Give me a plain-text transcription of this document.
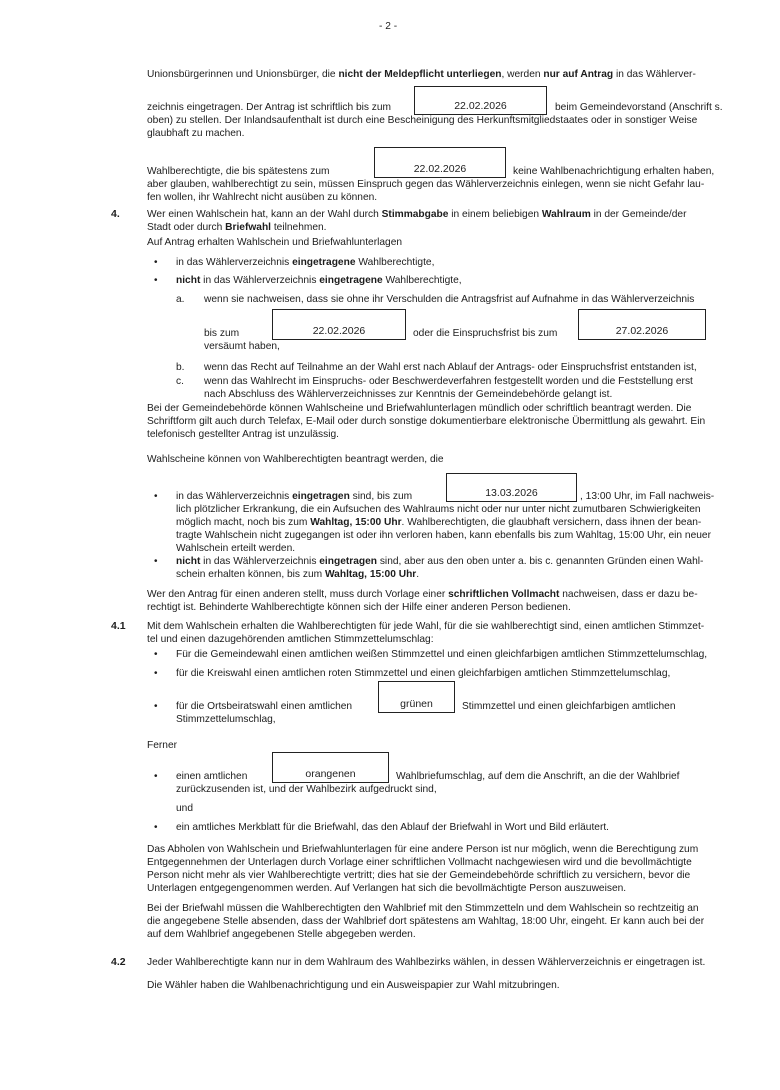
- 2 -
Unionsbürgerinnen und Unionsbürger, die nicht der Meldepflicht unterliegen, werden nur auf Antrag in das Wählerver-
zeichnis eingetragen. Der Antrag ist schriftlich bis zum	22.02.2026	beim Gemeindevorstand (Anschrift s.
oben) zu stellen. Der Inlandsaufenthalt ist durch eine Bescheinigung des Herkunftsmitgliedstaates oder in sonstiger Weise
glaubhaft zu machen.
Wahlberechtigte, die bis spätestens zum	22.02.2026	keine Wahlbenachrichtigung erhalten haben,
aber glauben, wahlberechtigt zu sein, müssen Einspruch gegen das Wählerverzeichnis einlegen, wenn sie nicht Gefahr lau-
fen wollen, ihr Wahlrecht nicht ausüben zu können.
4.	Wer einen Wahlschein hat, kann an der Wahl durch Stimmabgabe in einem beliebigen Wahlraum in der Gemeinde/der
Stadt oder durch Briefwahl teilnehmen.
Auf Antrag erhalten Wahlschein und Briefwahlunterlagen
• in das Wählerverzeichnis eingetragene Wahlberechtigte,
• nicht in das Wählerverzeichnis eingetragene Wahlberechtigte,
a. wenn sie nachweisen, dass sie ohne ihr Verschulden die Antragsfrist auf Aufnahme in das Wählerverzeichnis
bis zum	22.02.2026	oder die Einspruchsfrist bis zum	27.02.2026
versäumt haben,
b. wenn das Recht auf Teilnahme an der Wahl erst nach Ablauf der Antrags- oder Einspruchsfrist entstanden ist,
c. wenn das Wahlrecht im Einspruchs- oder Beschwerdeverfahren festgestellt worden und die Feststellung erst
nach Abschluss des Wählerverzeichnisses zur Kenntnis der Gemeindebehörde gelangt ist.
Bei der Gemeindebehörde können Wahlscheine und Briefwahlunterlagen mündlich oder schriftlich beantragt werden. Die
Schriftform gilt auch durch Telefax, E-Mail oder durch sonstige dokumentierbare elektronische Übermittlung als gewahrt. Ein
telefonisch gestellter Antrag ist unzulässig.
Wahlscheine können von Wahlberechtigten beantragt werden, die
• in das Wählerverzeichnis eingetragen sind, bis zum	13.03.2026	, 13:00 Uhr, im Fall nachweis-
lich plötzlicher Erkrankung, die ein Aufsuchen des Wahlraums nicht oder nur unter nicht zumutbaren Schwierigkeiten
möglich macht, noch bis zum Wahltag, 15:00 Uhr. Wahlberechtigten, die glaubhaft versichern, dass ihnen der bean-
tragte Wahlschein nicht zugegangen ist oder ihn verloren haben, kann ebenfalls bis zum Wahltag, 15:00 Uhr, ein neuer
Wahlschein erteilt werden.
• nicht in das Wählerverzeichnis eingetragen sind, aber aus den oben unter a. bis c. genannten Gründen einen Wahl-
schein erhalten können, bis zum Wahltag, 15:00 Uhr.
Wer den Antrag für einen anderen stellt, muss durch Vorlage einer schriftlichen Vollmacht nachweisen, dass er dazu be-
rechtigt ist. Behinderte Wahlberechtigte können sich der Hilfe einer anderen Person bedienen.
4.1 Mit dem Wahlschein erhalten die Wahlberechtigten für jede Wahl, für die sie wahlberechtigt sind, einen amtlichen Stimmzet-
tel und einen dazugehörenden amtlichen Stimmzettelumschlag:
• Für die Gemeindewahl einen amtlichen weißen Stimmzettel und einen gleichfarbigen amtlichen Stimmzettelumschlag,
• für die Kreiswahl einen amtlichen roten Stimmzettel und einen gleichfarbigen amtlichen Stimmzettelumschlag,
• für die Ortsbeiratswahl einen amtlichen	grünen	Stimmzettel und einen gleichfarbigen amtlichen
Stimmzettelumschlag,
Ferner
• einen amtlichen	orangenen	Wahlbriefumschlag, auf dem die Anschrift, an die der Wahlbrief
zurückzusenden ist, und der Wahlbezirk aufgedruckt sind,
und
• ein amtliches Merkblatt für die Briefwahl, das den Ablauf der Briefwahl in Wort und Bild erläutert.
Das Abholen von Wahlschein und Briefwahlunterlagen für eine andere Person ist nur möglich, wenn die Berechtigung zum
Entgegennehmen der Unterlagen durch Vorlage einer schriftlichen Vollmacht nachgewiesen wird und die bevollmächtigte
Person nicht mehr als vier Wahlberechtigte vertritt; dies hat sie der Gemeindebehörde schriftlich zu versichern, bevor die
Unterlagen entgegengenommen werden. Auf Verlangen hat sich die bevollmächtigte Person auszuweisen.
Bei der Briefwahl müssen die Wahlberechtigten den Wahlbrief mit den Stimmzetteln und dem Wahlschein so rechtzeitig an
die angegebene Stelle absenden, dass der Wahlbrief dort spätestens am Wahltag, 18:00 Uhr, eingeht. Er kann auch bei der
auf dem Wahlbrief angegebenen Stelle abgegeben werden.
4.2 Jeder Wahlberechtigte kann nur in dem Wahlraum des Wahlbezirks wählen, in dessen Wählerverzeichnis er eingetragen ist.
Die Wähler haben die Wahlbenachrichtigung und ein Ausweispapier zur Wahl mitzubringen.
